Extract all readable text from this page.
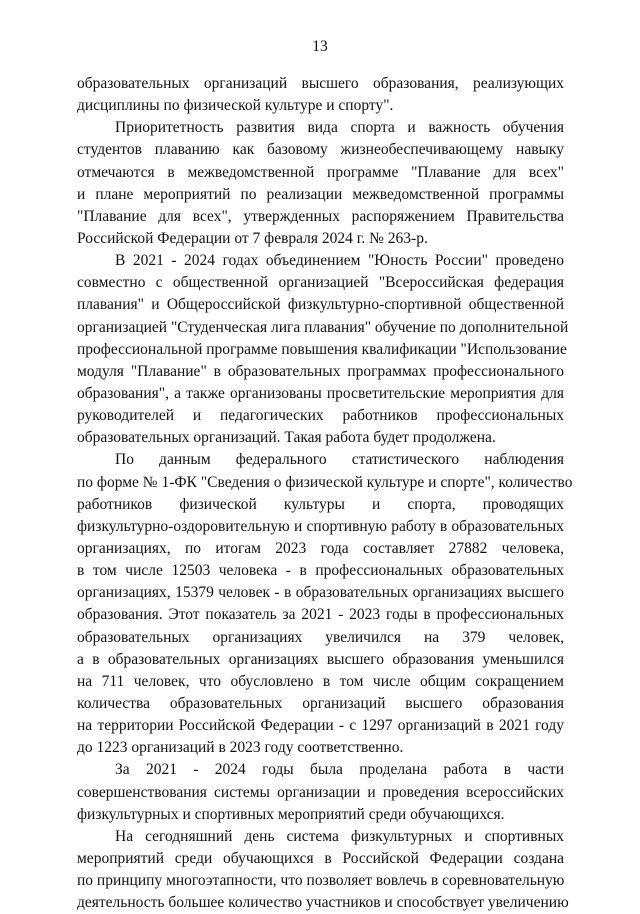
13
образовательных организаций высшего образования, реализующих
дисциплины по физической культуре и спорту".
Приоритетность развития вида спорта и важность обучения
студентов плаванию как базовому жизнеобеспечивающему навыку
отмечаются в межведомственной программе "Плавание для всех"
и плане мероприятий по реализации межведомственной программы
"Плавание для всех", утвержденных распоряжением Правительства
Российской Федерации от 7 февраля 2024 г. № 263-р.
В 2021 - 2024 годах объединением "Юность России" проведено
совместно с общественной организацией "Всероссийская федерация
плавания" и Общероссийской физкультурно-спортивной общественной
организацией "Студенческая лига плавания" обучение по дополнительной
профессиональной программе повышения квалификации "Использование
модуля "Плавание" в образовательных программах профессионального
образования", а также организованы просветительские мероприятия для
руководителей и педагогических работников профессиональных
образовательных организаций. Такая работа будет продолжена.
По данным федерального статистического наблюдения
по форме № 1-ФК "Сведения о физической культуре и спорте", количество
работников физической культуры и спорта, проводящих
физкультурно-оздоровительную и спортивную работу в образовательных
организациях, по итогам 2023 года составляет 27882 человека,
в том числе 12503 человека - в профессиональных образовательных
организациях, 15379 человек - в образовательных организациях высшего
образования. Этот показатель за 2021 - 2023 годы в профессиональных
образовательных организациях увеличился на 379 человек,
а в образовательных организациях высшего образования уменьшился
на 711 человек, что обусловлено в том числе общим сокращением
количества образовательных организаций высшего образования
на территории Российской Федерации - с 1297 организаций в 2021 году
до 1223 организаций в 2023 году соответственно.
За 2021 - 2024 годы была проделана работа в части
совершенствования системы организации и проведения всероссийских
физкультурных и спортивных мероприятий среди обучающихся.
На сегодняшний день система физкультурных и спортивных
мероприятий среди обучающихся в Российской Федерации создана
по принципу многоэтапности, что позволяет вовлечь в соревновательную
деятельность большее количество участников и способствует увеличению
